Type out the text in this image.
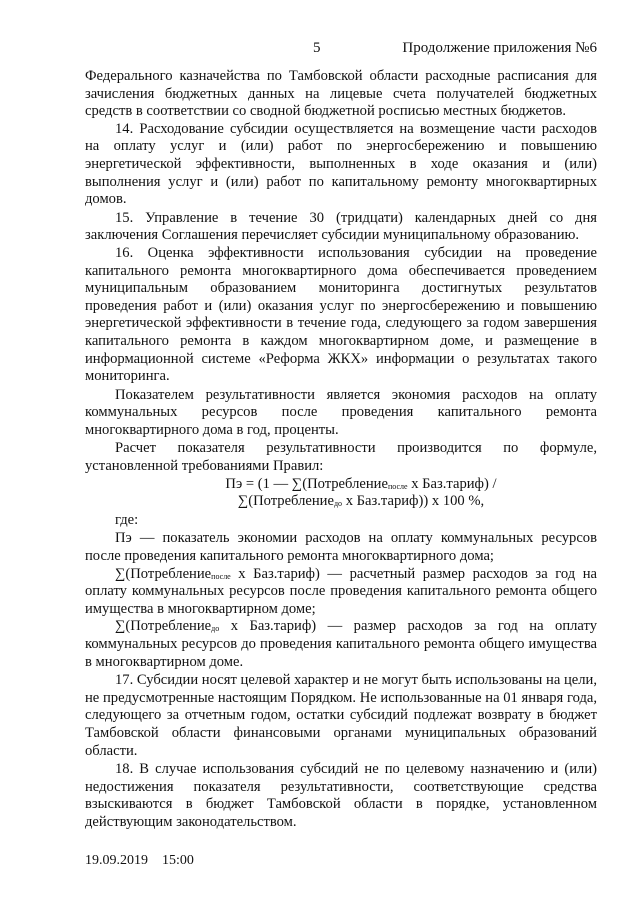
5	Продолжение приложения №6

Федерального казначейства по Тамбовской области расходные расписания для зачисления бюджетных данных на лицевые счета получателей бюджетных средств в соответствии со сводной бюджетной росписью местных бюджетов.

14. Расходование субсидии осуществляется на возмещение части расходов на оплату услуг и (или) работ по энергосбережению и повышению энергетической эффективности, выполненных в ходе оказания и (или) выполнения услуг и (или) работ по капитальному ремонту многоквартирных домов.

15. Управление в течение 30 (тридцати) календарных дней со дня заключения Соглашения перечисляет субсидии муниципальному образованию.

16. Оценка эффективности использования субсидии на проведение капитального ремонта многоквартирного дома обеспечивается проведением муниципальным образованием мониторинга достигнутых результатов проведения работ и (или) оказания услуг по энергосбережению и повышению энергетической эффективности в течение года, следующего за годом завершения капитального ремонта в каждом многоквартирном доме, и размещение в информационной системе «Реформа ЖКХ» информации о результатах такого мониторинга.

Показателем результативности является экономия расходов на оплату коммунальных ресурсов после проведения капитального ремонта многоквартирного дома в год, проценты.

Расчет показателя результативности производится по формуле, установленной требованиями Правил:

Пэ = (1 — ∑(Потребление$_{после}$ х Баз.тариф) /

∑(Потребление$_{до}$ х Баз.тариф)) х 100 %,

где:

Пэ — показатель экономии расходов на оплату коммунальных ресурсов после проведения капитального ремонта многоквартирного дома;

∑(Потребление$_{после}$ х Баз.тариф) — расчетный размер расходов за год на оплату коммунальных ресурсов после проведения капитального ремонта общего имущества в многоквартирном доме;

∑(Потребление$_{до}$ х Баз.тариф) — размер расходов за год на оплату коммунальных ресурсов до проведения капитального ремонта общего имущества в многоквартирном доме.

17. Субсидии носят целевой характер и не могут быть использованы на цели, не предусмотренные настоящим Порядком. Не использованные на 01 января года, следующего за отчетным годом, остатки субсидий подлежат возврату в бюджет Тамбовской области финансовыми органами муниципальных образований области.

18. В случае использования субсидий не по целевому назначению и (или) недостижения показателя результативности, соответствующие средства взыскиваются в бюджет Тамбовской области в порядке, установленном действующим законодательством.

19.09.2019 15:00
